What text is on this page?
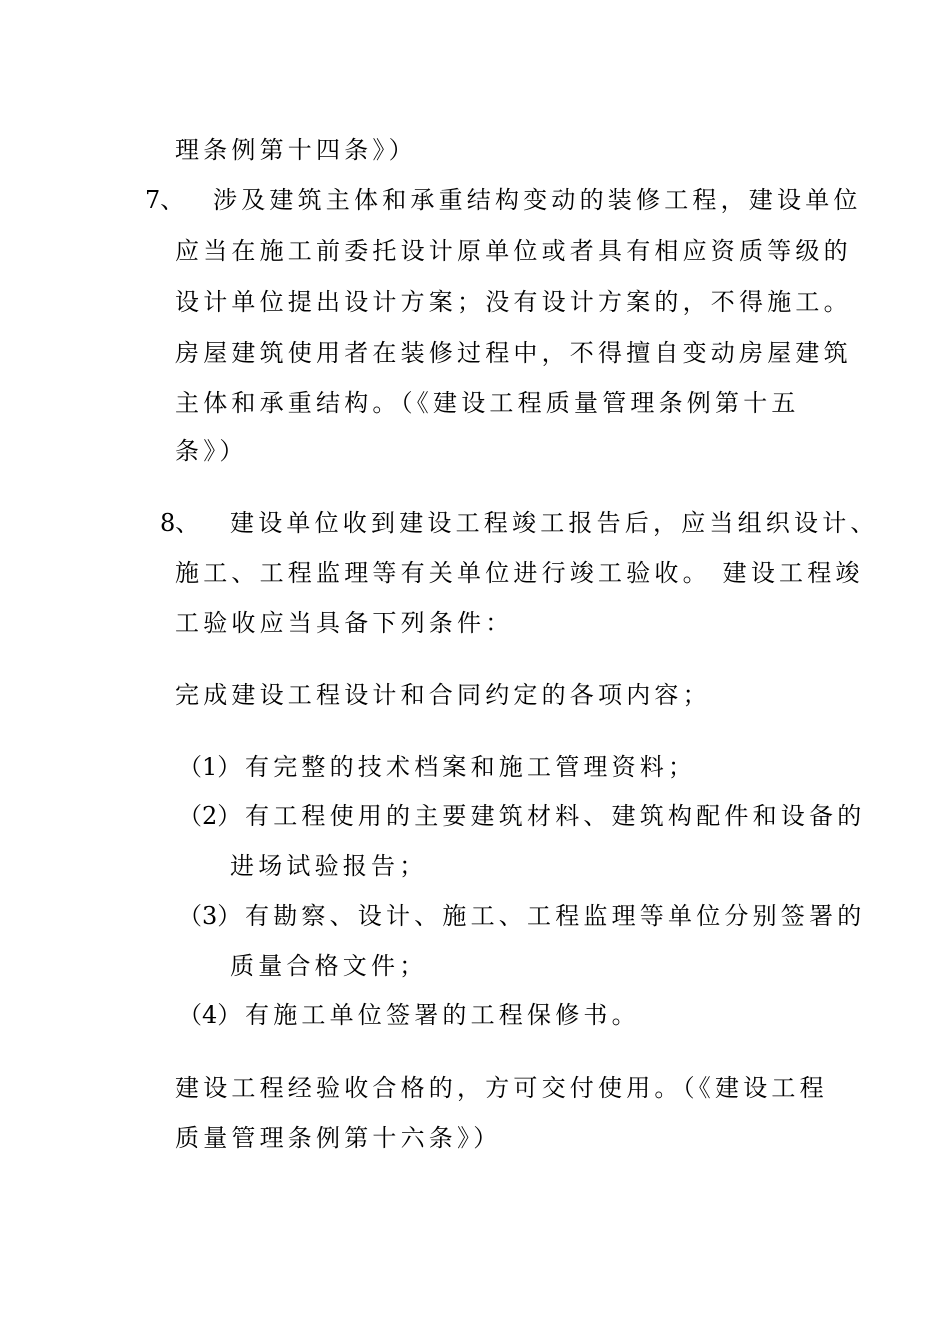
理条例第十四条》）
7、 涉及建筑主体和承重结构变动的装修工程，建设单位
应当在施工前委托设计原单位或者具有相应资质等级的
设计单位提出设计方案；没有设计方案的，不得施工。
房屋建筑使用者在装修过程中，不得擅自变动房屋建筑
主体和承重结构。（《建设工程质量管理条例第十五
条》）
8、 建设单位收到建设工程竣工报告后，应当组织设计、
施工、工程监理等有关单位进行竣工验收。 建设工程竣
工验收应当具备下列条件：
完成建设工程设计和合同约定的各项内容；
（1） 有完整的技术档案和施工管理资料；
（2） 有工程使用的主要建筑材料、建筑构配件和设备的
进场试验报告；
（3） 有勘察、设计、施工、工程监理等单位分别签署的
质量合格文件；
（4） 有施工单位签署的工程保修书。
建设工程经验收合格的，方可交付使用。（《建设工程
质量管理条例第十六条》）
